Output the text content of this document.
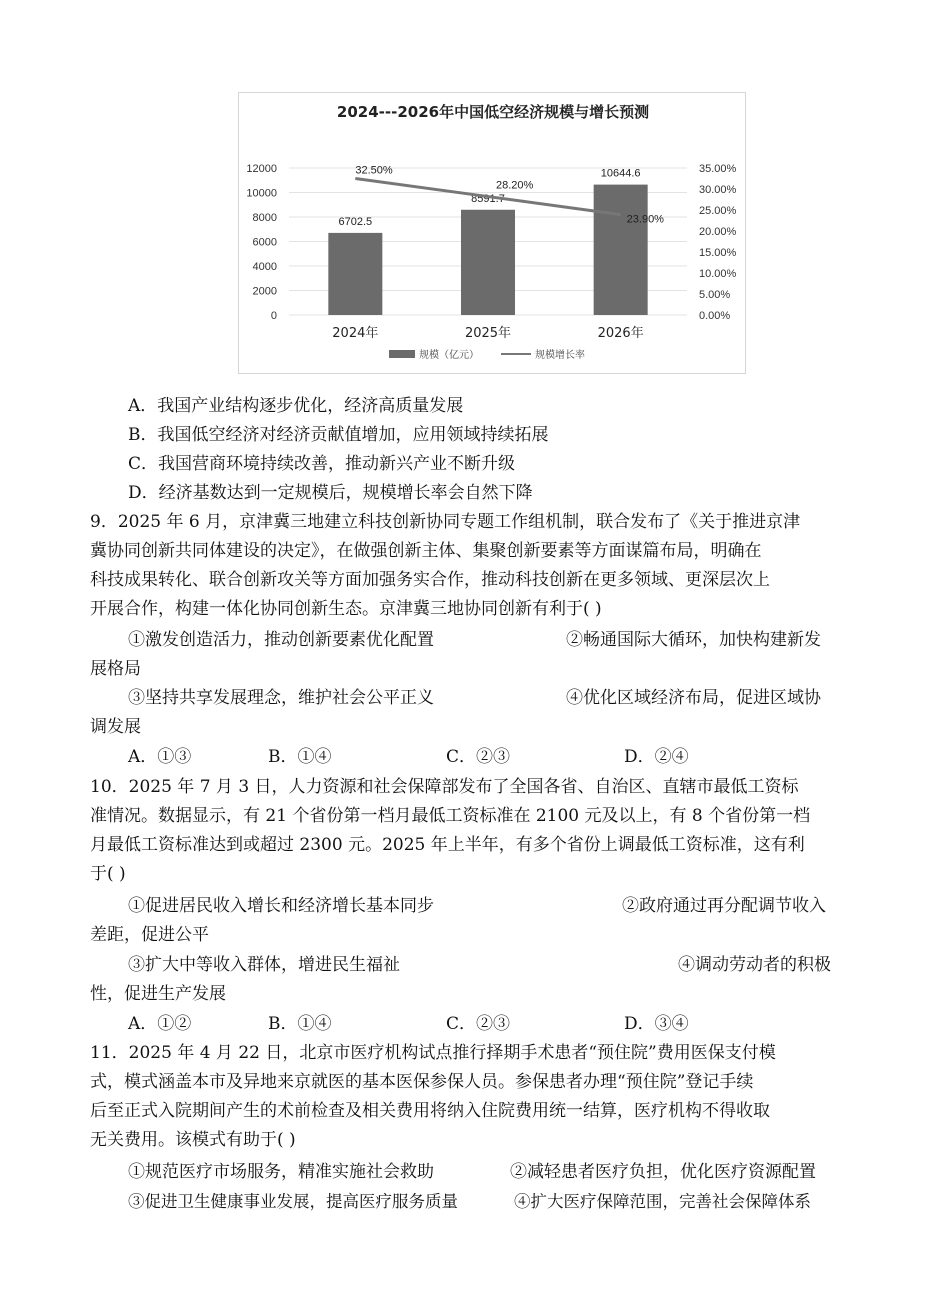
2024---2026年中国低空经济规模与增长预测
0
2000
4000
6000
8000
10000
12000
0.00%
5.00%
10.00%
15.00%
20.00%
25.00%
30.00%
35.00%
6702.5
8591.7
10644.6
32.50%
28.20%
23.90%
2024年	2025年	2026年
规模（亿元）	规模增长率
A．我国产业结构逐步优化，经济高质量发展
B．我国低空经济对经济贡献值增加，应用领域持续拓展
C．我国营商环境持续改善，推动新兴产业不断升级
D．经济基数达到一定规模后，规模增长率会自然下降
9．2025 年 6 月，京津冀三地建立科技创新协同专题工作组机制，联合发布了《关于推进京津
冀协同创新共同体建设的决定》，在做强创新主体、集聚创新要素等方面谋篇布局，明确在
科技成果转化、联合创新攻关等方面加强务实合作，推动科技创新在更多领域、更深层次上
开展合作，构建一体化协同创新生态。京津冀三地协同创新有利于( )
①激发创造活力，推动创新要素优化配置	②畅通国际大循环，加快构建新发
展格局
③坚持共享发展理念，维护社会公平正义	④优化区域经济布局，促进区域协
调发展
A．①③	B．①④	C．②③	D．②④
10．2025 年 7 月 3 日，人力资源和社会保障部发布了全国各省、自治区、直辖市最低工资标
准情况。数据显示，有 21 个省份第一档月最低工资标准在 2100 元及以上，有 8 个省份第一档
月最低工资标准达到或超过 2300 元。2025 年上半年，有多个省份上调最低工资标准，这有利
于( )
①促进居民收入增长和经济增长基本同步	②政府通过再分配调节收入
差距，促进公平
③扩大中等收入群体，增进民生福祉	④调动劳动者的积极
性，促进生产发展
A．①②	B．①④	C．②③	D．③④
11．2025 年 4 月 22 日，北京市医疗机构试点推行择期手术患者“预住院”费用医保支付模
式，模式涵盖本市及异地来京就医的基本医保参保人员。参保患者办理“预住院”登记手续
后至正式入院期间产生的术前检查及相关费用将纳入住院费用统一结算，医疗机构不得收取
无关费用。该模式有助于( )
①规范医疗市场服务，精准实施社会救助	②减轻患者医疗负担，优化医疗资源配置
③促进卫生健康事业发展，提高医疗服务质量	④扩大医疗保障范围，完善社会保障体系
